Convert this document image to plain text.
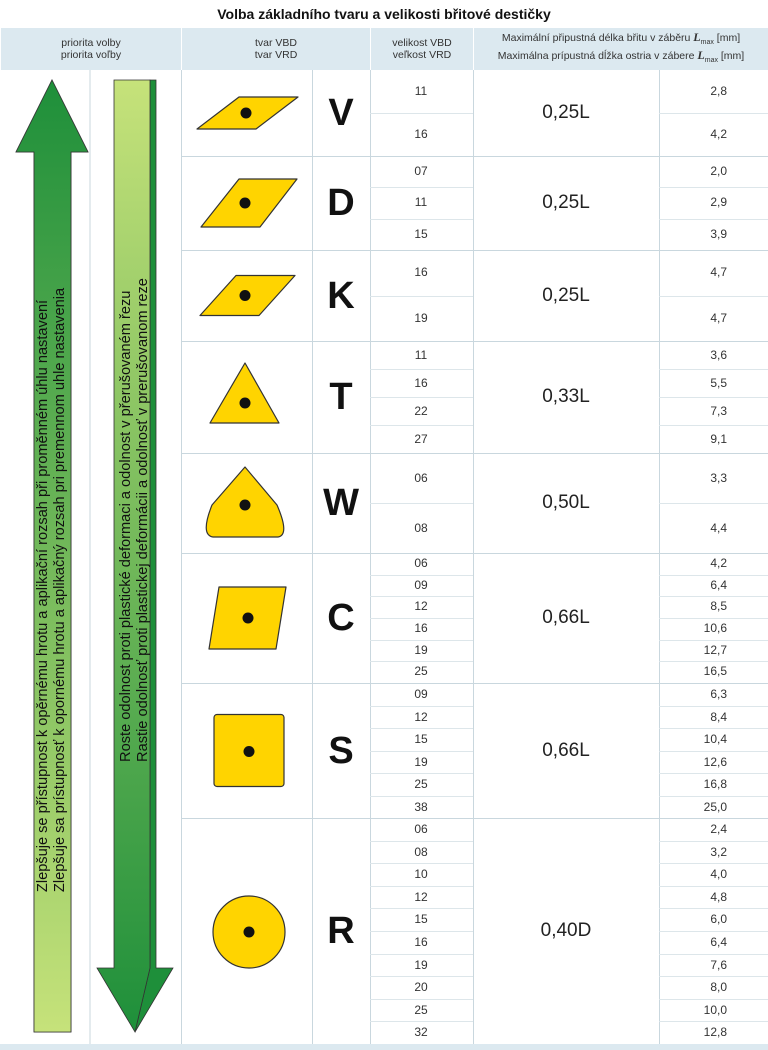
Volba základního tvaru a velikosti břitové destičky
priorita volby
priorita voľby
tvar VBD
tvar VRD
velikost VBD
veľkost VRD
Maximální připustná délka břitu v záběru $L_{max}$ [mm]
Maximálna prípustná dĺžka ostria v zábere $L_{max}$ [mm]
Zlepšuje se přístupnost k opěrnému hrotu a aplikační rozsah při proměnném úhlu nastavení Zlepšuje sa prístupnosť k opornému hrotu a aplikačný rozsah pri premennom uhle nastavenia	Roste odolnost proti plastické deformaci a odolnost v přerušovaném řezu Rastie odolnosť proti plastickej deformácii a odolnosť v prerušovanom reze
V	0,25L
11	2,8
16	4,2
D	0,25L
07	2,0
11	2,9
15	3,9
K	0,25L
16	4,7
19	4,7
T	0,33L
11	3,6
16	5,5
22	7,3
27	9,1
W	0,50L
06	3,3
08	4,4
C	0,66L
06	4,2
09	6,4
12	8,5
16	10,6
19	12,7
25	16,5
S	0,66L
09	6,3
12	8,4
15	10,4
19	12,6
25	16,8
38	25,0
R	0,40D
06	2,4
08	3,2
10	4,0
12	4,8
15	6,0
16	6,4
19	7,6
20	8,0
25	10,0
32	12,8
